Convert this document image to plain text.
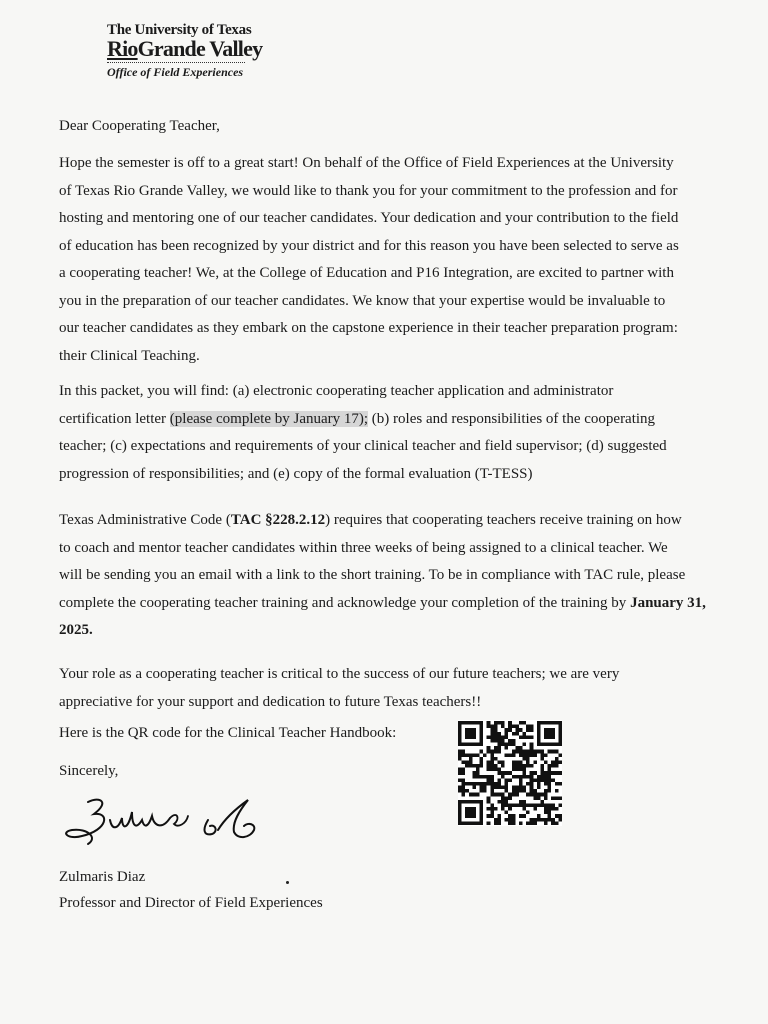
The University of Texas
RioGrande Valley
Office of Field Experiences
Dear Cooperating Teacher,
Hope the semester is off to a great start! On behalf of the Office of Field Experiences at the University
of Texas Rio Grande Valley, we would like to thank you for your commitment to the profession and for
hosting and mentoring one of our teacher candidates. Your dedication and your contribution to the field
of education has been recognized by your district and for this reason you have been selected to serve as
a cooperating teacher! We, at the College of Education and P16 Integration, are excited to partner with
you in the preparation of our teacher candidates. We know that your expertise would be invaluable to
our teacher candidates as they embark on the capstone experience in their teacher preparation program:
their Clinical Teaching.
In this packet, you will find: (a) electronic cooperating teacher application and administrator
certification letter (please complete by January 17); (b) roles and responsibilities of the cooperating
teacher; (c) expectations and requirements of your clinical teacher and field supervisor; (d) suggested
progression of responsibilities; and (e) copy of the formal evaluation (T-TESS)
Texas Administrative Code (TAC §228.2.12) requires that cooperating teachers receive training on how
to coach and mentor teacher candidates within three weeks of being assigned to a clinical teacher. We
will be sending you an email with a link to the short training. To be in compliance with TAC rule, please
complete the cooperating teacher training and acknowledge your completion of the training by January 31,
2025.
Your role as a cooperating teacher is critical to the success of our future teachers; we are very
appreciative for your support and dedication to future Texas teachers!!
Here is the QR code for the Clinical Teacher Handbook:
Sincerely,
Zulmaris Diaz
Professor and Director of Field Experiences
